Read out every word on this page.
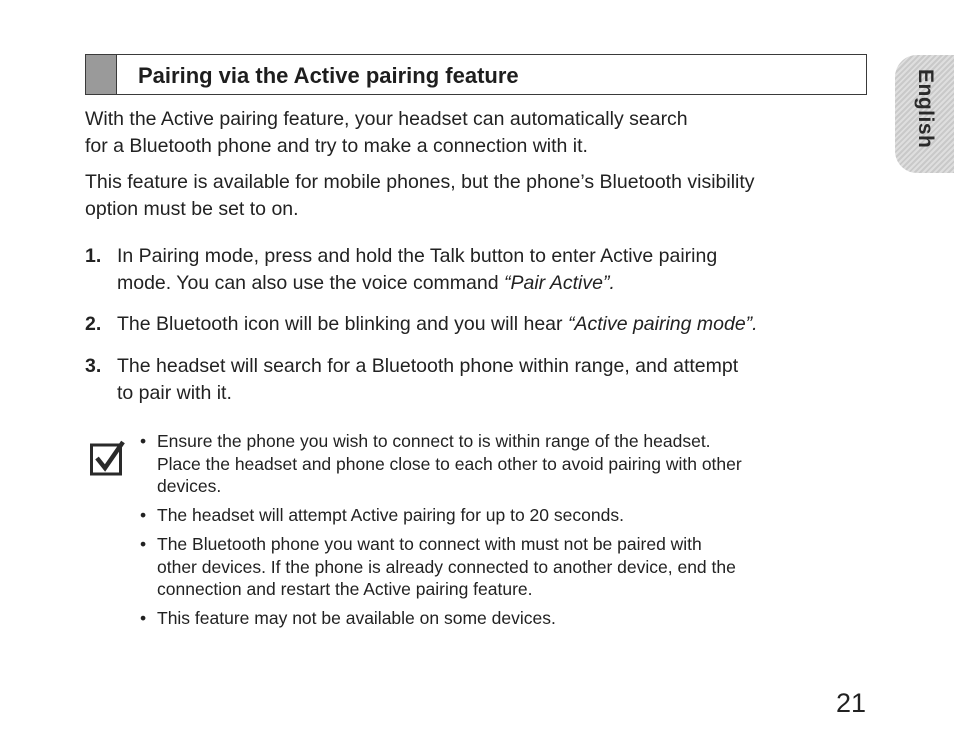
Pairing via the Active pairing feature	English

With the Active pairing feature, your headset can automatically search
for a Bluetooth phone and try to make a connection with it.

This feature is available for mobile phones, but the phone’s Bluetooth visibility
option must be set to on.

1. In Pairing mode, press and hold the Talk button to enter Active pairing
mode. You can also use the voice command “Pair Active”.
2. The Bluetooth icon will be blinking and you will hear “Active pairing mode”.
3. The headset will search for a Bluetooth phone within range, and attempt
to pair with it.
• Ensure the phone you wish to connect to is within range of the headset.
Place the headset and phone close to each other to avoid pairing with other
devices.
• The headset will attempt Active pairing for up to 20 seconds.
• The Bluetooth phone you want to connect with must not be paired with
other devices. If the phone is already connected to another device, end the
connection and restart the Active pairing feature.
• This feature may not be available on some devices.
21
